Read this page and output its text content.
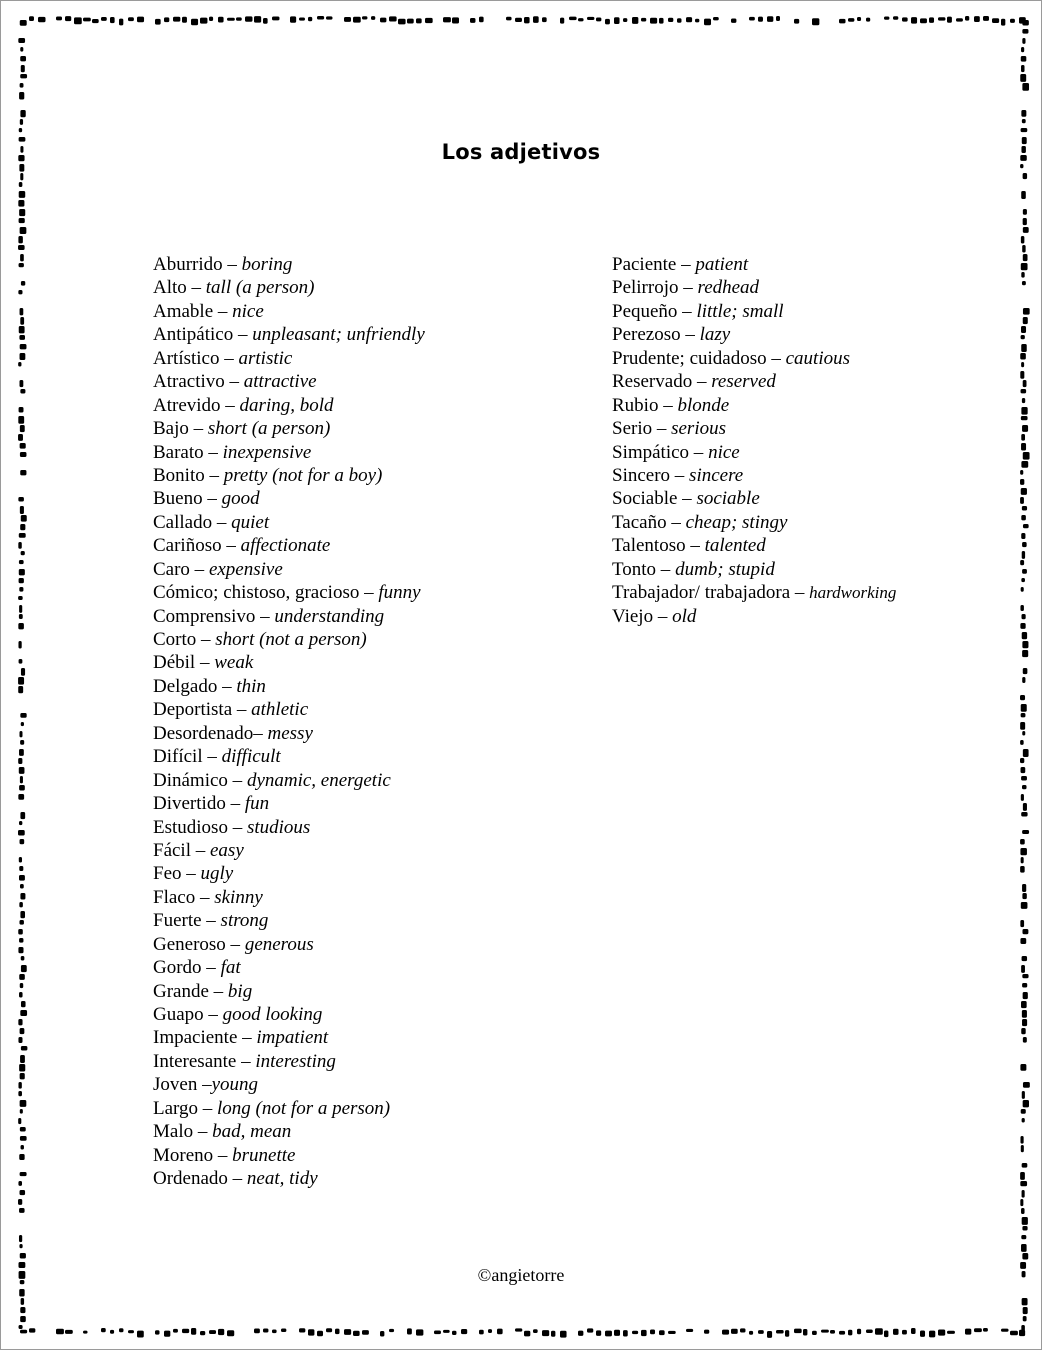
Los adjetivos
Aburrido – boring
Alto – tall (a person)
Amable – nice
Antipático – unpleasant; unfriendly
Artístico – artistic
Atractivo – attractive
Atrevido – daring, bold
Bajo – short (a person)
Barato – inexpensive
Bonito – pretty (not for a boy)
Bueno – good
Callado – quiet
Cariñoso – affectionate
Caro – expensive
Cómico; chistoso, gracioso – funny
Comprensivo – understanding
Corto – short (not a person)
Débil – weak
Delgado – thin
Deportista – athletic
Desordenado– messy
Difícil – difficult
Dinámico – dynamic, energetic
Divertido – fun
Estudioso – studious
Fácil – easy
Feo – ugly
Flaco – skinny
Fuerte – strong
Generoso – generous
Gordo – fat
Grande – big
Guapo – good looking
Impaciente – impatient
Interesante – interesting
Joven –young
Largo – long (not for a person)
Malo – bad, mean
Moreno – brunette
Ordenado – neat, tidy
Paciente – patient
Pelirrojo – redhead
Pequeño – little; small
Perezoso – lazy
Prudente; cuidadoso – cautious
Reservado – reserved
Rubio – blonde
Serio – serious
Simpático – nice
Sincero – sincere
Sociable – sociable
Tacaño – cheap; stingy
Talentoso – talented
Tonto – dumb; stupid
Trabajador/ trabajadora – hardworking
Viejo – old
©angietorre
